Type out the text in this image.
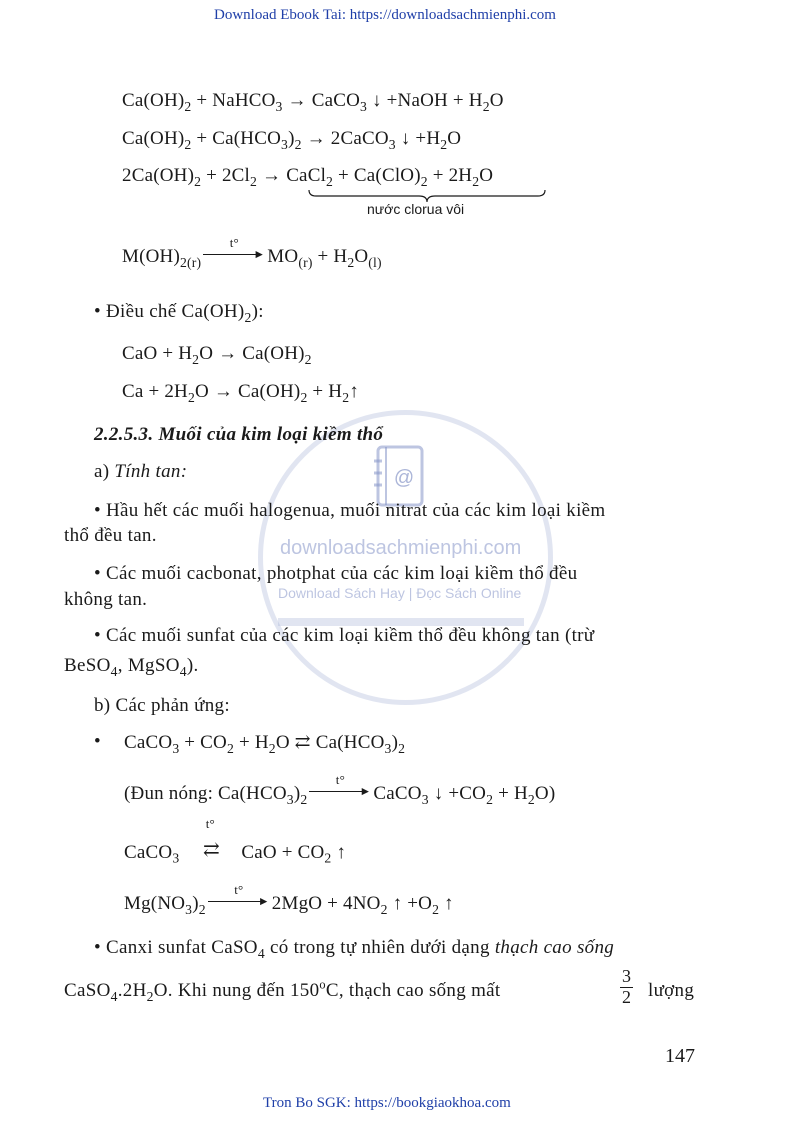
Download Ebook Tai: https://downloadsachmienphi.com
@
downloadsachmienphi.com
Download Sách Hay | Đọc Sách Online
$Ca(OH)_2$ + NaHCO$_3$ → CaCO$_3$ ↓ +NaOH + $H_2O$
$Ca(OH)_2 + Ca(HCO_3)_2$ → 2CaCO$_3$ ↓ $+H_2O$
$2Ca(OH)_2 + 2Cl_2$ → CaCl$_2$ + $Ca(ClO)_2 + 2H_2O$
nước clorua vôi
$M(OH)_{2(r)}$
t°
► $MO_{(r)} + H_2O_{(l)}$
• Điều chế $Ca(OH)_2$):
CaO + $H_2O \to Ca(OH)_2$
$Ca + 2H_2O \to Ca(OH)_2$ + $H_2↑$
2.2.5.3. Muối của kim loại kiềm thổ
a) Tính tan:
• Hầu hết các muối halogenua, muối nitrat của các kim loại kiềm
thổ đều tan.
• Các muối cacbonat, photphat của các kim loại kiềm thổ đều
không tan.
• Các muối sunfat của các kim loại kiềm thổ đều không tan (trừ
BeSO$_4$, MgSO$_4$).
b) Các phản ứng:
• CaCO$_3$ + $CO_2 + H_2O$ ⇄ $Ca(HCO_3)_2$
(Đun nóng: $Ca(HCO_3)_2$
t°
► CaCO$_3$ ↓ $+CO_2 + H_2O$)
CaCO$_3$
t°
⇄	CaO + $CO_2$ ↑
$Mg(NO_3)_2$
t°
► $2MgO + 4NO_2$ ↑ $+O_2$ ↑
• Canxi sunfat CaSO$_4$ có trong tự nhiên dưới dạng thạch cao sống
$CaSO_4.2H_2O$. Khi nung đến 150$^o$C, thạch cao sống mất	$\frac{3}{2}$ lượng
147
Tron Bo SGK: https://bookgiaokhoa.com
